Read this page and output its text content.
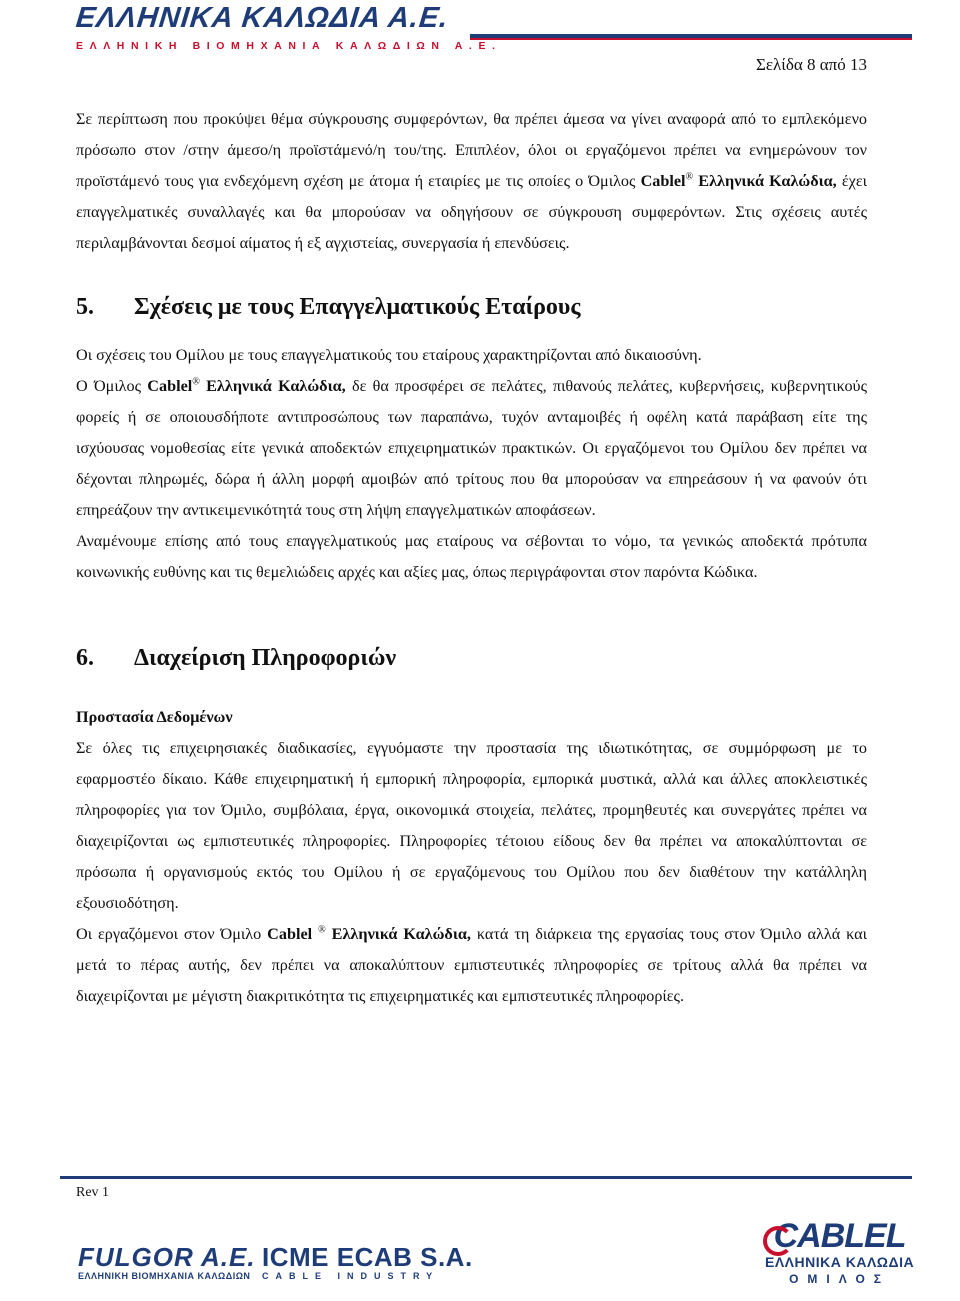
ΕΛΛΗΝΙΚΑ ΚΑΛΩΔΙΑ Α.Ε.
ΕΛΛΗΝΙΚΗ ΒΙΟΜΗΧΑΝΙΑ ΚΑΛΩΔΙΩΝ Α.Ε.
Σελίδα 8 από 13

Σε περίπτωση που προκύψει θέμα σύγκρουσης συμφερόντων, θα πρέπει άμεσα να γίνει αναφορά από το εμπλεκόμενο πρόσωπο στον /στην άμεσο/η προϊστάμενό/η του/της. Επιπλέον, όλοι οι εργαζόμενοι πρέπει να ενημερώνουν τον προϊστάμενό τους για ενδεχόμενη σχέση με άτομα ή εταιρίες με τις οποίες ο Όμιλος Cablel® Ελληνικά Καλώδια, έχει επαγγελματικές συναλλαγές και θα μπορούσαν να οδηγήσουν σε σύγκρουση συμφερόντων. Στις σχέσεις αυτές περιλαμβάνονται δεσμοί αίματος ή εξ αγχιστείας, συνεργασία ή επενδύσεις.

5. Σχέσεις με τους Επαγγελματικούς Εταίρους

Οι σχέσεις του Ομίλου με τους επαγγελματικούς του εταίρους χαρακτηρίζονται από δικαιοσύνη.

Ο Όμιλος Cablel® Ελληνικά Καλώδια, δε θα προσφέρει σε πελάτες, πιθανούς πελάτες, κυβερνήσεις, κυβερνητικούς φορείς ή σε οποιουσδήποτε αντιπροσώπους των παραπάνω, τυχόν ανταμοιβές ή οφέλη κατά παράβαση είτε της ισχύουσας νομοθεσίας είτε γενικά αποδεκτών επιχειρηματικών πρακτικών. Οι εργαζόμενοι του Ομίλου δεν πρέπει να δέχονται πληρωμές, δώρα ή άλλη μορφή αμοιβών από τρίτους που θα μπορούσαν να επηρεάσουν ή να φανούν ότι επηρεάζουν την αντικειμενικότητά τους στη λήψη επαγγελματικών αποφάσεων.

Αναμένουμε επίσης από τους επαγγελματικούς μας εταίρους να σέβονται το νόμο, τα γενικώς αποδεκτά πρότυπα κοινωνικής ευθύνης και τις θεμελιώδεις αρχές και αξίες μας, όπως περιγράφονται στον παρόντα Κώδικα.

6. Διαχείριση Πληροφοριών

Προστασία Δεδομένων

Σε όλες τις επιχειρησιακές διαδικασίες, εγγυόμαστε την προστασία της ιδιωτικότητας, σε συμμόρφωση με το εφαρμοστέο δίκαιο. Κάθε επιχειρηματική ή εμπορική πληροφορία, εμπορικά μυστικά, αλλά και άλλες αποκλειστικές πληροφορίες για τον Όμιλο, συμβόλαια, έργα, οικονομικά στοιχεία, πελάτες, προμηθευτές και συνεργάτες πρέπει να διαχειρίζονται ως εμπιστευτικές πληροφορίες. Πληροφορίες τέτοιου είδους δεν θα πρέπει να αποκαλύπτονται σε πρόσωπα ή οργανισμούς εκτός του Ομίλου ή σε εργαζόμενους του Ομίλου που δεν διαθέτουν την κατάλληλη εξουσιοδότηση.

Οι εργαζόμενοι στον Όμιλο Cablel ® Ελληνικά Καλώδια, κατά τη διάρκεια της εργασίας τους στον Όμιλο αλλά και μετά το πέρας αυτής, δεν πρέπει να αποκαλύπτουν εμπιστευτικές πληροφορίες σε τρίτους αλλά θα πρέπει να διαχειρίζονται με μέγιστη διακριτικότητα τις επιχειρηματικές και εμπιστευτικές πληροφορίες.

Rev 1
FULGOR A.E.
ΕΛΛΗΝΙΚΗ ΒΙΟΜΗΧΑΝΙΑ ΚΑΛΩΔΙΩΝ
ICME ECAB S.A.
CABLE INDUSTRY
CABLEL
ΕΛΛΗΝΙΚΑ ΚΑΛΩΔΙΑ
ΟΜΙΛΟΣ
